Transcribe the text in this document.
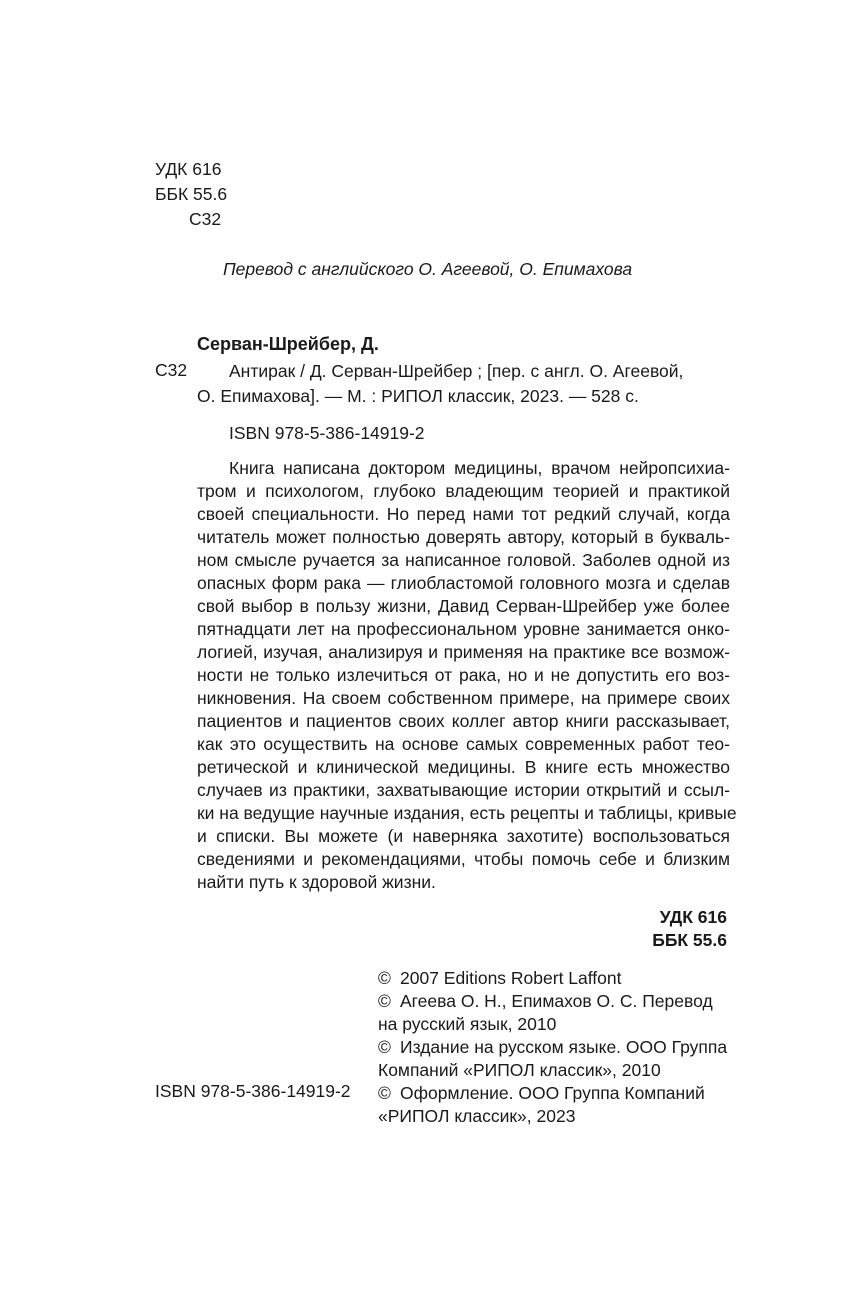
УДК 616
ББК 55.6
С32
Перевод с английского О. Агеевой, О. Епимахова
Серван-Шрейбер, Д.
С32	Антирак / Д. Серван-Шрейбер ; [пер. с англ. О. Агеевой,
О. Епимахова]. — М. : РИПОЛ классик, 2023. — 528 с.
ISBN 978-5-386-14919-2
Книга написана доктором медицины, врачом нейропсихиа-
тром и психологом, глубоко владеющим теорией и практикой
своей специальности. Но перед нами тот редкий случай, когда
читатель может полностью доверять автору, который в букваль-
ном смысле ручается за написанное головой. Заболев одной из
опасных форм рака — глиобластомой головного мозга и сделав
свой выбор в пользу жизни, Давид Серван-Шрейбер уже более
пятнадцати лет на профессиональном уровне занимается онко-
логией, изучая, анализируя и применяя на практике все возмож-
ности не только излечиться от рака, но и не допустить его воз-
никновения. На своем собственном примере, на примере своих
пациентов и пациентов своих коллег автор книги рассказывает,
как это осуществить на основе самых современных работ тео-
ретической и клинической медицины. В книге есть множество
случаев из практики, захватывающие истории открытий и ссыл-
ки на ведущие научные издания, есть рецепты и таблицы, кривые
и списки. Вы можете (и наверняка захотите) воспользоваться
сведениями и рекомендациями, чтобы помочь себе и близким
найти путь к здоровой жизни.
УДК 616
ББК 55.6
© 2007 Editions Robert Laffont
© Агеева О. Н., Епимахов О. С. Перевод
на русский язык, 2010
© Издание на русском языке. ООО Группа
Компаний «РИПОЛ классик», 2010
© Оформление. ООО Группа Компаний
«РИПОЛ классик», 2023
ISBN 978-5-386-14919-2
